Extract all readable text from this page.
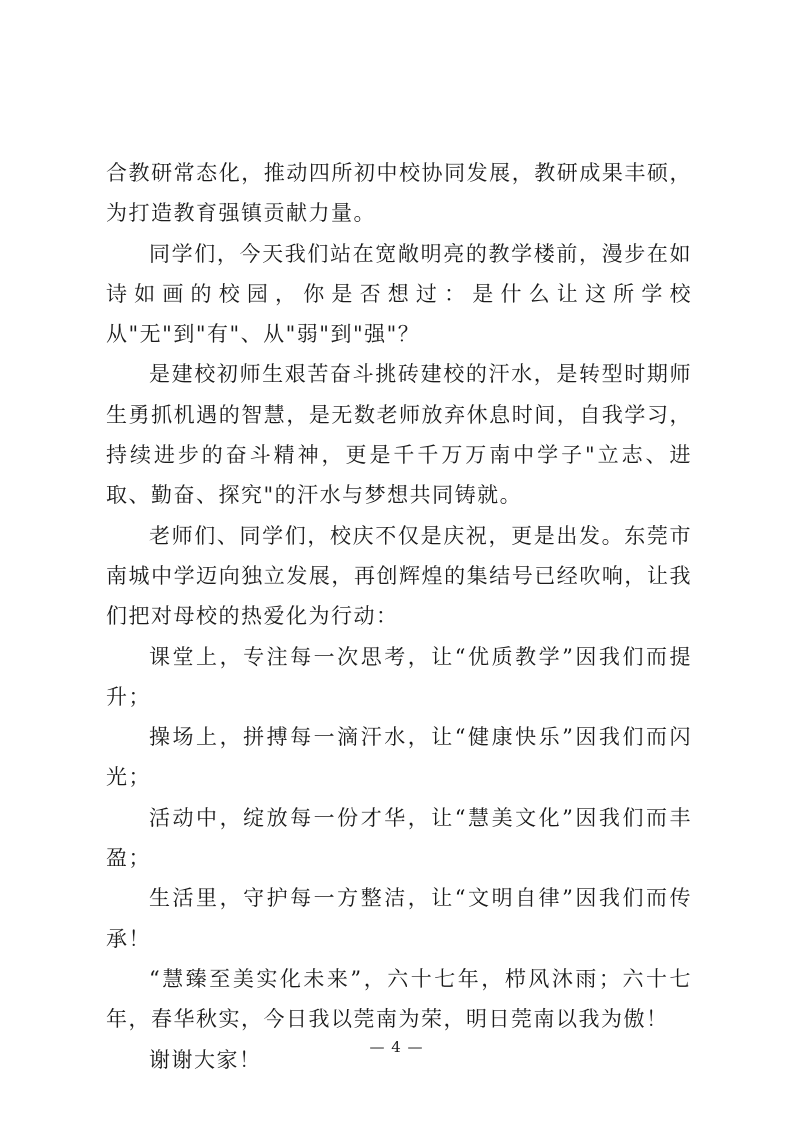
合教研常态化，推动四所初中校协同发展，教研成果丰硕，为打造教育强镇贡献力量。

同学们，今天我们站在宽敞明亮的教学楼前，漫步在如诗如画的校园，你是否想过：是什么让这所学校从"无"到"有"、从"弱"到"强"？

是建校初师生艰苦奋斗挑砖建校的汗水，是转型时期师生勇抓机遇的智慧，是无数老师放弃休息时间，自我学习，持续进步的奋斗精神，更是千千万万南中学子"立志、进取、勤奋、探究"的汗水与梦想共同铸就。

老师们、同学们，校庆不仅是庆祝，更是出发。东莞市南城中学迈向独立发展，再创辉煌的集结号已经吹响，让我们把对母校的热爱化为行动：

课堂上，专注每一次思考，让“优质教学”因我们而提升；

操场上，拼搏每一滴汗水，让“健康快乐”因我们而闪光；

活动中，绽放每一份才华，让“慧美文化”因我们而丰盈；

生活里，守护每一方整洁，让“文明自律”因我们而传承！

“慧臻至美实化未来”，六十七年，栉风沐雨；六十七年，春华秋实，今日我以莞南为荣，明日莞南以我为傲！

谢谢大家！

— 4 —
